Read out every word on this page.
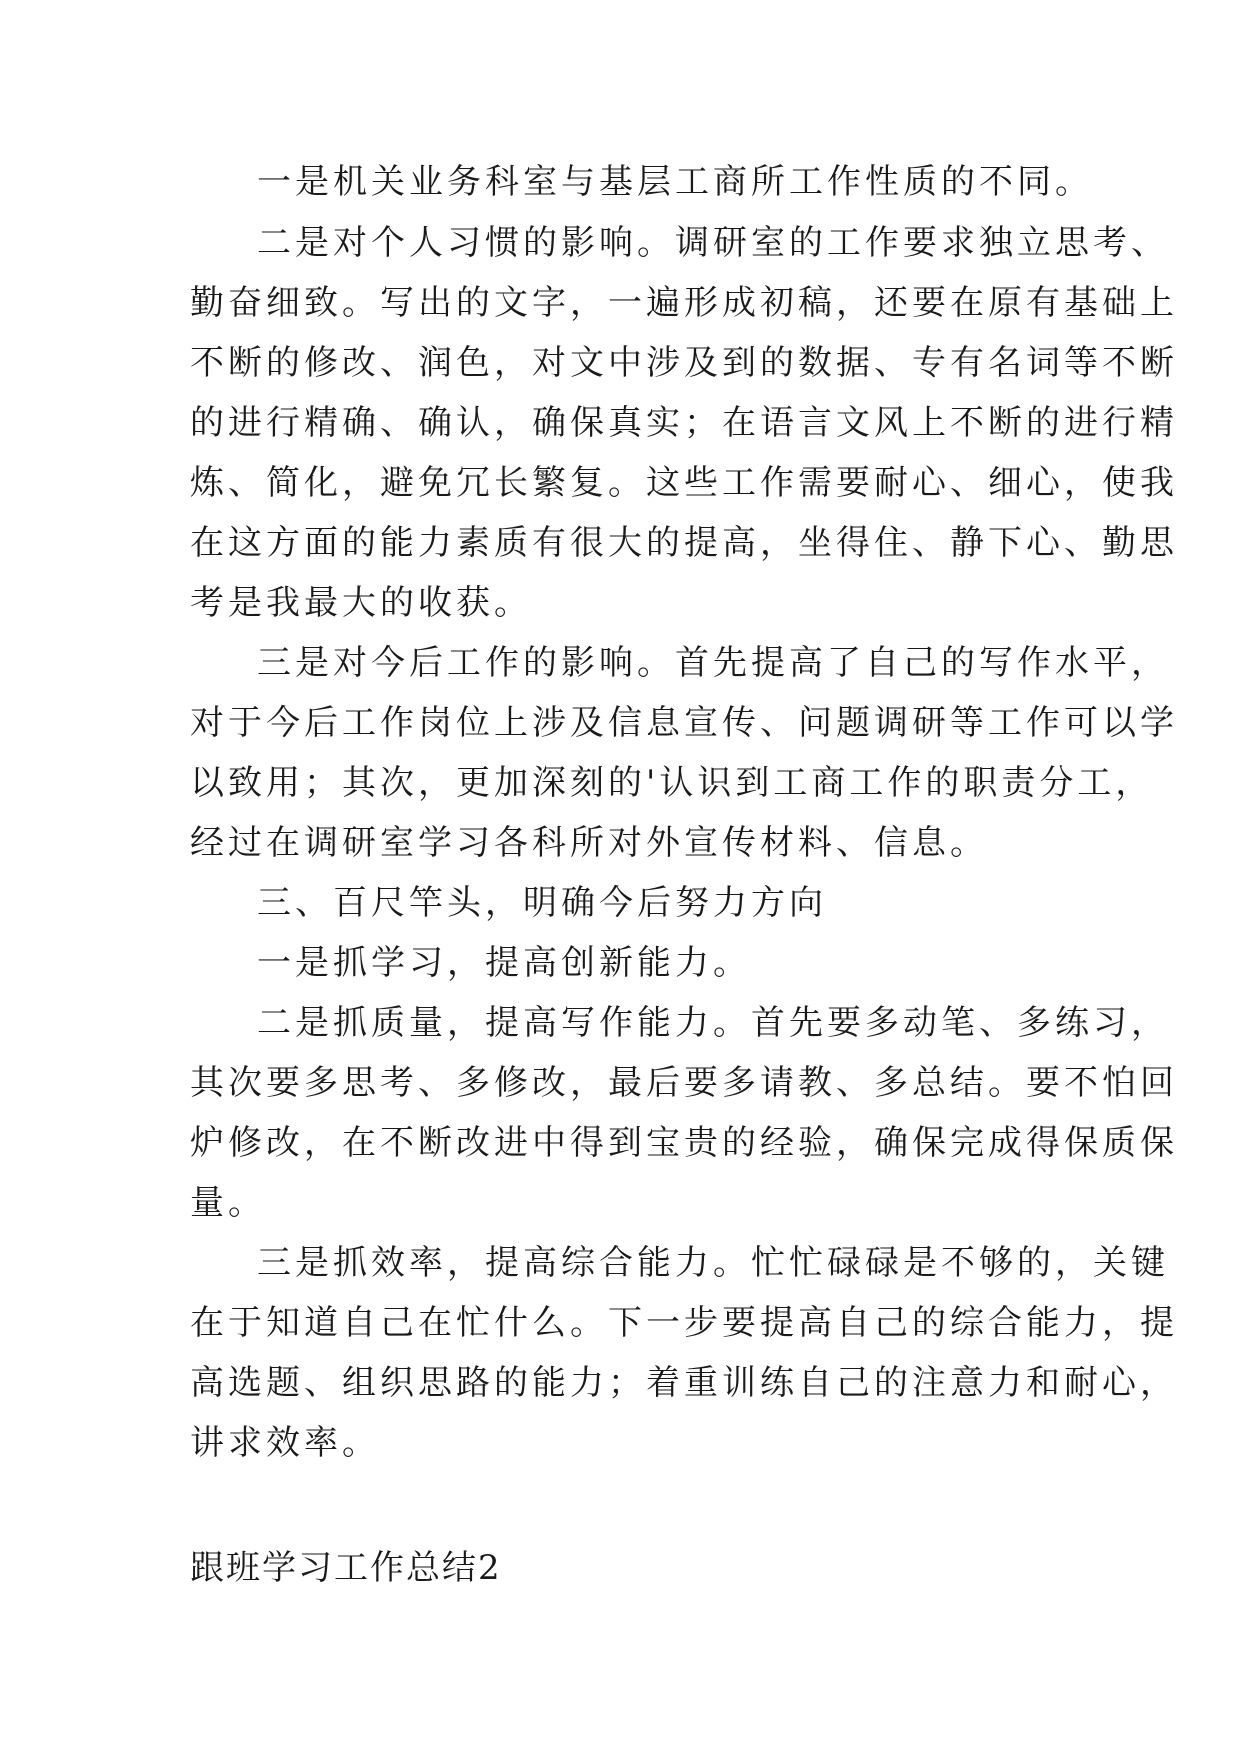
一是机关业务科室与基层工商所工作性质的不同。
二是对个人习惯的影响。调研室的工作要求独立思考、
勤奋细致。写出的文字，一遍形成初稿，还要在原有基础上
不断的修改、润色，对文中涉及到的数据、专有名词等不断
的进行精确、确认，确保真实；在语言文风上不断的进行精
炼、简化，避免冗长繁复。这些工作需要耐心、细心，使我
在这方面的能力素质有很大的提高，坐得住、静下心、勤思
考是我最大的收获。
三是对今后工作的影响。首先提高了自己的写作水平，
对于今后工作岗位上涉及信息宣传、问题调研等工作可以学
以致用；其次，更加深刻的'认识到工商工作的职责分工，
经过在调研室学习各科所对外宣传材料、信息。
三、百尺竿头，明确今后努力方向
一是抓学习，提高创新能力。
二是抓质量，提高写作能力。首先要多动笔、多练习，
其次要多思考、多修改，最后要多请教、多总结。要不怕回
炉修改，在不断改进中得到宝贵的经验，确保完成得保质保
量。
三是抓效率，提高综合能力。忙忙碌碌是不够的，关键
在于知道自己在忙什么。下一步要提高自己的综合能力，提
高选题、组织思路的能力；着重训练自己的注意力和耐心，
讲求效率。
跟班学习工作总结2
